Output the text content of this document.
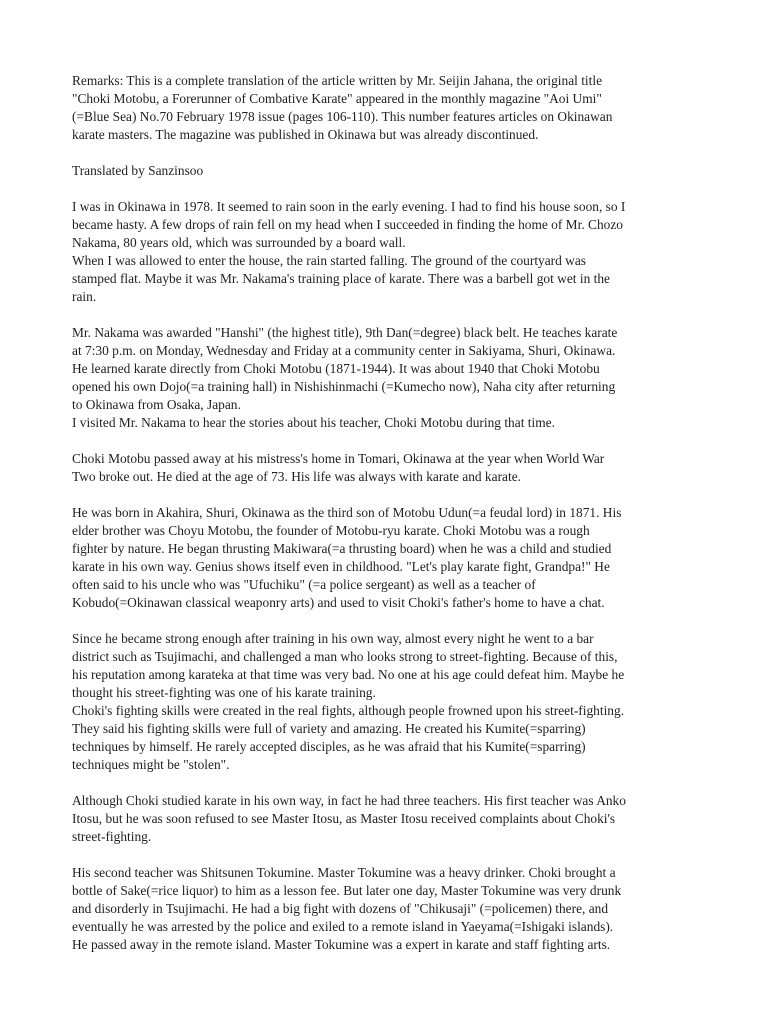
Remarks: This is a complete translation of the article written by Mr. Seijin Jahana, the original title
"Choki Motobu, a Forerunner of Combative Karate" appeared in the monthly magazine "Aoi Umi"
(=Blue Sea) No.70 February 1978 issue (pages 106-110). This number features articles on Okinawan
karate masters. The magazine was published in Okinawa but was already discontinued.

Translated by Sanzinsoo

I was in Okinawa in 1978. It seemed to rain soon in the early evening. I had to find his house soon, so I
became hasty. A few drops of rain fell on my head when I succeeded in finding the home of Mr. Chozo
Nakama, 80 years old, which was surrounded by a board wall.

When I was allowed to enter the house, the rain started falling. The ground of the courtyard was
stamped flat. Maybe it was Mr. Nakama's training place of karate. There was a barbell got wet in the
rain.

Mr. Nakama was awarded "Hanshi" (the highest title), 9th Dan(=degree) black belt. He teaches karate
at 7:30 p.m. on Monday, Wednesday and Friday at a community center in Sakiyama, Shuri, Okinawa.
He learned karate directly from Choki Motobu (1871-1944). It was about 1940 that Choki Motobu
opened his own Dojo(=a training hall) in Nishishinmachi (=Kumecho now), Naha city after returning
to Okinawa from Osaka, Japan.

I visited Mr. Nakama to hear the stories about his teacher, Choki Motobu during that time.

Choki Motobu passed away at his mistress's home in Tomari, Okinawa at the year when World War
Two broke out. He died at the age of 73. His life was always with karate and karate.

He was born in Akahira, Shuri, Okinawa as the third son of Motobu Udun(=a feudal lord) in 1871. His
elder brother was Choyu Motobu, the founder of Motobu-ryu karate. Choki Motobu was a rough
fighter by nature. He began thrusting Makiwara(=a thrusting board) when he was a child and studied
karate in his own way. Genius shows itself even in childhood. "Let's play karate fight, Grandpa!" He
often said to his uncle who was "Ufuchiku" (=a police sergeant) as well as a teacher of
Kobudo(=Okinawan classical weaponry arts) and used to visit Choki's father's home to have a chat.

Since he became strong enough after training in his own way, almost every night he went to a bar
district such as Tsujimachi, and challenged a man who looks strong to street-fighting. Because of this,
his reputation among karateka at that time was very bad. No one at his age could defeat him. Maybe he
thought his street-fighting was one of his karate training.

Choki's fighting skills were created in the real fights, although people frowned upon his street-fighting.
They said his fighting skills were full of variety and amazing. He created his Kumite(=sparring)
techniques by himself. He rarely accepted disciples, as he was afraid that his Kumite(=sparring)
techniques might be "stolen".

Although Choki studied karate in his own way, in fact he had three teachers. His first teacher was Anko
Itosu, but he was soon refused to see Master Itosu, as Master Itosu received complaints about Choki's
street-fighting.

His second teacher was Shitsunen Tokumine. Master Tokumine was a heavy drinker. Choki brought a
bottle of Sake(=rice liquor) to him as a lesson fee. But later one day, Master Tokumine was very drunk
and disorderly in Tsujimachi. He had a big fight with dozens of "Chikusaji" (=policemen) there, and
eventually he was arrested by the police and exiled to a remote island in Yaeyama(=Ishigaki islands).
He passed away in the remote island. Master Tokumine was a expert in karate and staff fighting arts.
